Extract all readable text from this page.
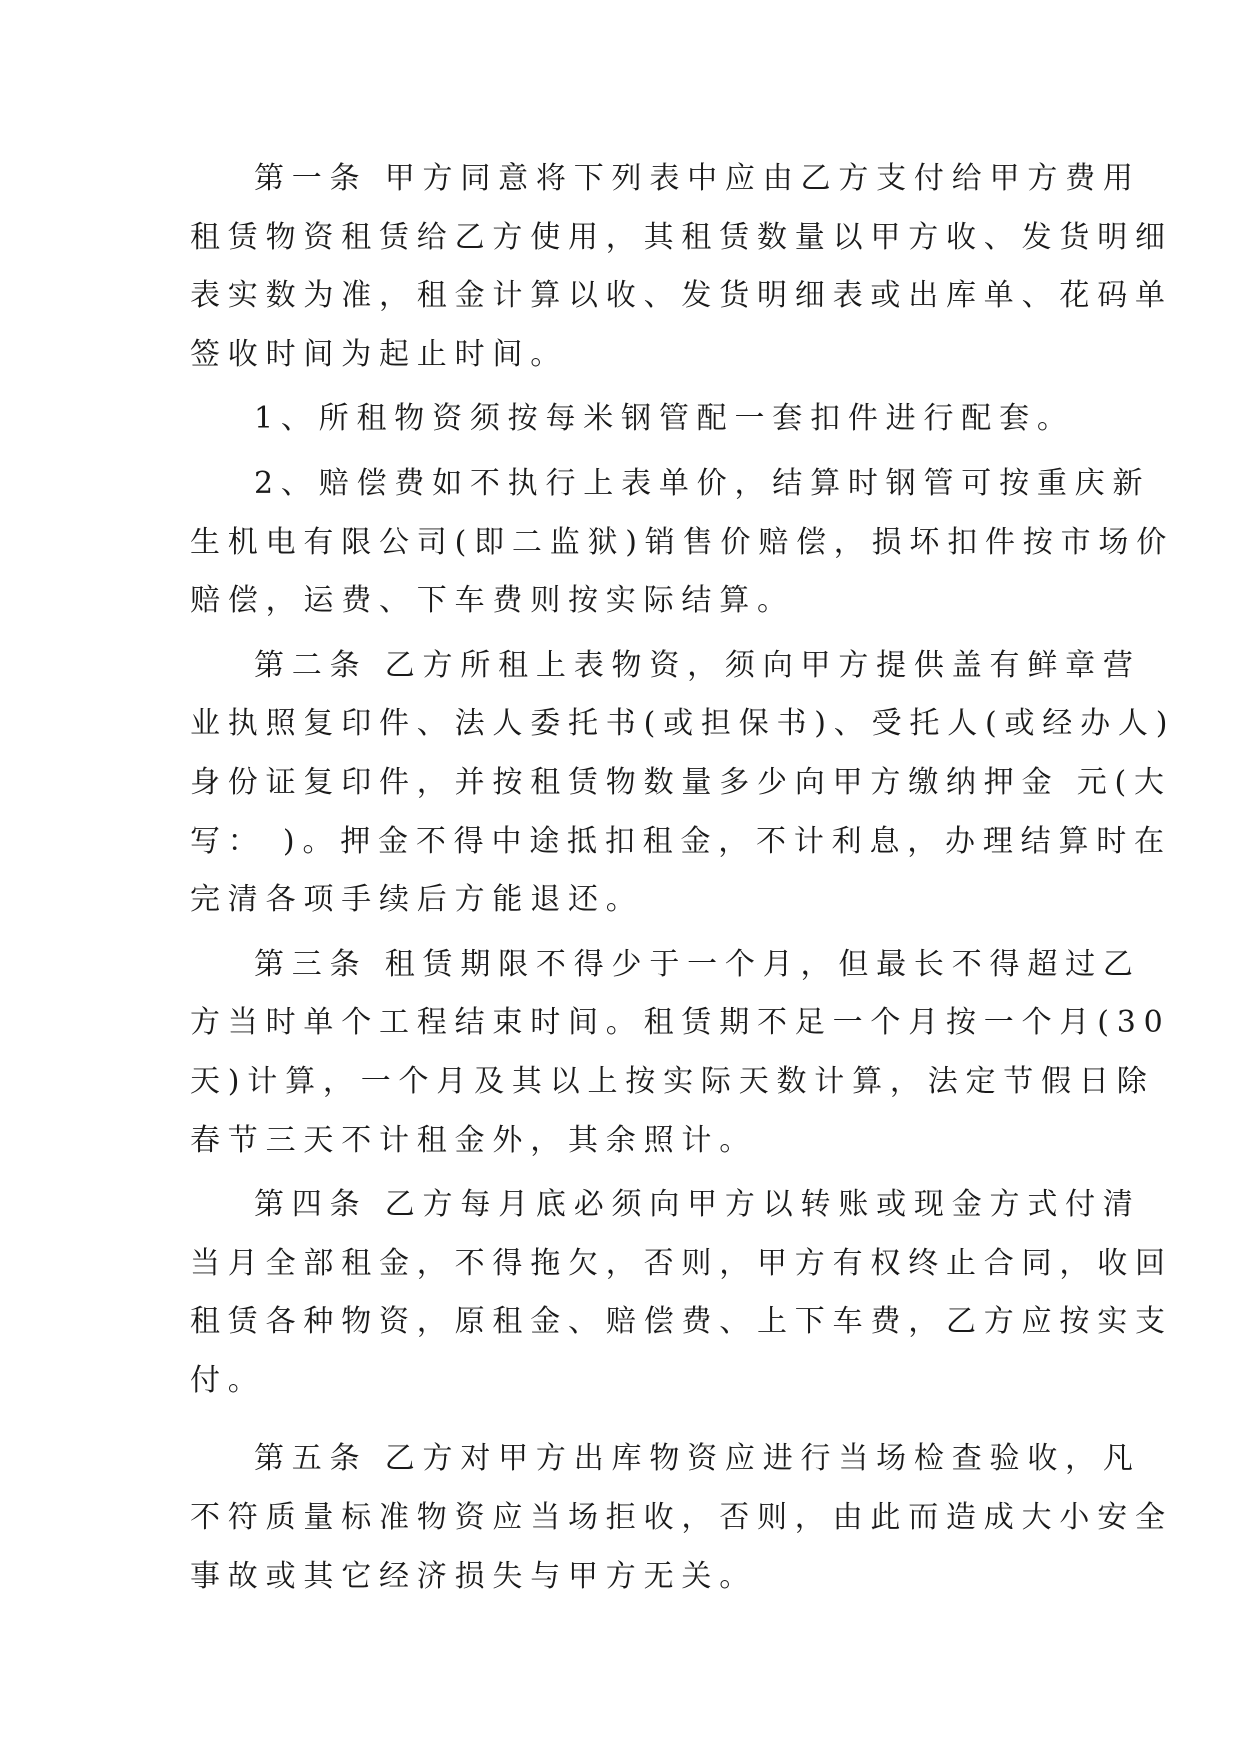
第一条 甲方同意将下列表中应由乙方支付给甲方费用
租赁物资租赁给乙方使用，其租赁数量以甲方收、发货明细
表实数为准，租金计算以收、发货明细表或出库单、花码单
签收时间为起止时间。
1、所租物资须按每米钢管配一套扣件进行配套。
2、赔偿费如不执行上表单价，结算时钢管可按重庆新
生机电有限公司(即二监狱)销售价赔偿，损坏扣件按市场价
赔偿，运费、下车费则按实际结算。
第二条 乙方所租上表物资，须向甲方提供盖有鲜章营
业执照复印件、法人委托书(或担保书)、受托人(或经办人)
身份证复印件，并按租赁物数量多少向甲方缴纳押金 元(大
写： )。押金不得中途抵扣租金，不计利息，办理结算时在
完清各项手续后方能退还。
第三条 租赁期限不得少于一个月，但最长不得超过乙
方当时单个工程结束时间。租赁期不足一个月按一个月(30
天)计算，一个月及其以上按实际天数计算，法定节假日除
春节三天不计租金外，其余照计。
第四条 乙方每月底必须向甲方以转账或现金方式付清
当月全部租金，不得拖欠，否则，甲方有权终止合同，收回
租赁各种物资，原租金、赔偿费、上下车费，乙方应按实支
付。
第五条 乙方对甲方出库物资应进行当场检查验收，凡
不符质量标准物资应当场拒收，否则，由此而造成大小安全
事故或其它经济损失与甲方无关。
